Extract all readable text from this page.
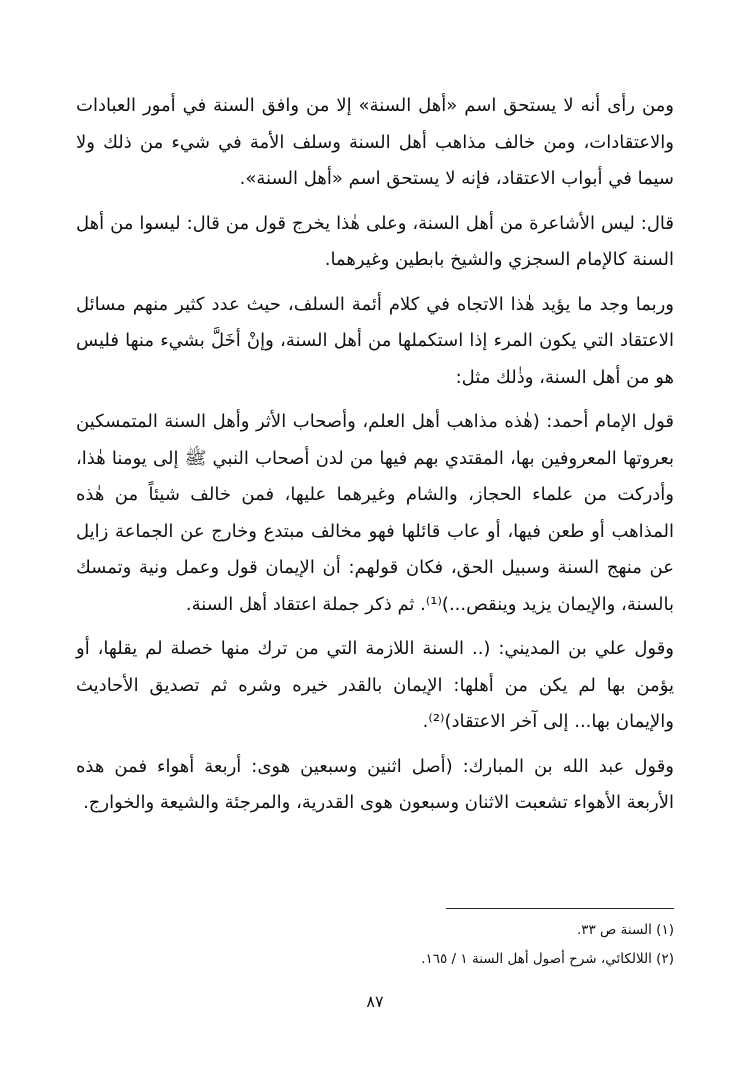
ومن رأى أنه لا يستحق اسم «أهل السنة» إلا من وافق السنة في أمور العبادات والاعتقادات، ومن خالف مذاهب أهل السنة وسلف الأمة في شيء من ذلك ولا سيما في أبواب الاعتقاد، فإنه لا يستحق اسم «أهل السنة».

قال: ليس الأشاعرة من أهل السنة، وعلى هٰذا يخرج قول من قال: ليسوا من أهل السنة كالإمام السجزي والشيخ بابطين وغيرهما.

وربما وجد ما يؤيد هٰذا الاتجاه في كلام أئمة السلف، حيث عدد كثير منهم مسائل الاعتقاد التي يكون المرء إذا استكملها من أهل السنة، وإنْ أخَلَّ بشيء منها فليس هو من أهل السنة، وذٰلك مثل:

قول الإمام أحمد: (هٰذه مذاهب أهل العلم، وأصحاب الأثر وأهل السنة المتمسكين بعروتها المعروفين بها، المقتدي بهم فيها من لدن أصحاب النبي ﷺ إلى يومنا هٰذا، وأدركت من علماء الحجاز، والشام وغيرهما عليها، فمن خالف شيئاً من هٰذه المذاهب أو طعن فيها، أو عاب قائلها فهو مخالف مبتدع وخارج عن الجماعة زايل عن منهج السنة وسبيل الحق، فكان قولهم: أن الإيمان قول وعمل ونية وتمسك بالسنة، والإيمان يزيد وينقص...)⁽¹⁾. ثم ذكر جملة اعتقاد أهل السنة.

وقول علي بن المديني: (.. السنة اللازمة التي من ترك منها خصلة لم يقلها، أو يؤمن بها لم يكن من أهلها: الإيمان بالقدر خيره وشره ثم تصديق الأحاديث والإيمان بها... إلى آخر الاعتقاد)⁽²⁾.

وقول عبد الله بن المبارك: (أصل اثنين وسبعين هوى: أربعة أهواء فمن هذه الأربعة الأهواء تشعبت الاثنان وسبعون هوى القدرية، والمرجئة والشيعة والخوارج.

(١) السنة ص ٣٣.

(٢) اللالكائي، شرح أصول أهل السنة ١ / ١٦٥.

٨٧
